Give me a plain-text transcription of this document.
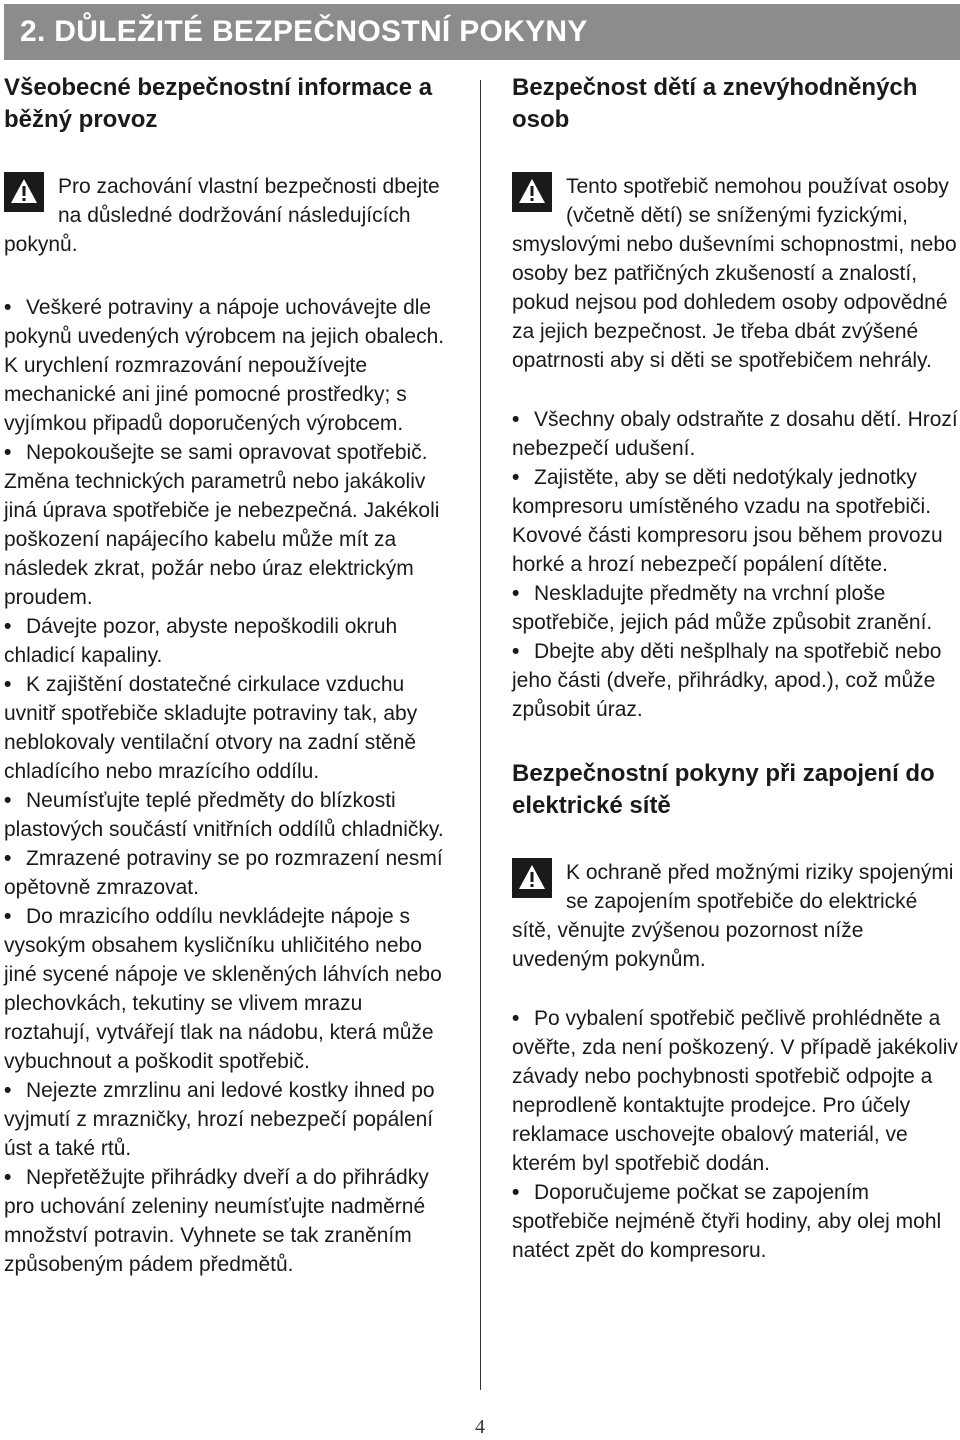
2. DŮLEŽITÉ BEZPEČNOSTNÍ POKYNY

Všeobecné bezpečnostní informace a běžný provoz

Pro zachování vlastní bezpečnosti dbejte na důsledné dodržování následujících pokynů.

• Veškeré potraviny a nápoje uchovávejte dle pokynů uvedených výrobcem na jejich obalech. K urychlení rozmrazování nepoužívejte mechanické ani jiné pomocné prostředky; s vyjímkou připadů doporučených výrobcem.
• Nepokoušejte se sami opravovat spotřebič. Změna technických parametrů nebo jakákoliv jiná úprava spotřebiče je nebezpečná. Jakékoli poškození napájecího kabelu může mít za následek zkrat, požár nebo úraz elektrickým proudem.
• Dávejte pozor, abyste nepoškodili okruh chladicí kapaliny.
• K zajištění dostatečné cirkulace vzduchu uvnitř spotřebiče skladujte potraviny tak, aby neblokovaly ventilační otvory na zadní stěně chladícího nebo mrazícího oddílu.
• Neumísťujte teplé předměty do blízkosti plastových součástí vnitřních oddílů chladničky.
• Zmrazené potraviny se po rozmrazení nesmí opětovně zmrazovat.
• Do mrazicího oddílu nevkládejte nápoje s vysokým obsahem kysličníku uhličitého nebo jiné sycené nápoje ve skleněných láhvích nebo plechovkách, tekutiny se vlivem mrazu roztahují, vytvářejí tlak na nádobu, která může vybuchnout a poškodit spotřebič.
• Nejezte zmrzlinu ani ledové kostky ihned po vyjmutí z mrazničky, hrozí nebezpečí popálení úst a také rtů.
• Nepřetěžujte přihrádky dveří a do přihrádky pro uchování zeleniny neumísťujte nadměrné množství potravin. Vyhnete se tak zraněním způsobeným pádem předmětů.

Bezpečnost dětí a znevýhodněných osob

Tento spotřebič nemohou používat osoby (včetně dětí) se sníženými fyzickými, smyslovými nebo duševními schopnostmi, nebo osoby bez patřičných zkušeností a znalostí, pokud nejsou pod dohledem osoby odpovědné za jejich bezpečnost. Je třeba dbát zvýšené opatrnosti aby si děti se spotřebičem nehrály.

• Všechny obaly odstraňte z dosahu dětí. Hrozí nebezpečí udušení.
• Zajistěte, aby se děti nedotýkaly jednotky kompresoru umístěného vzadu na spotřebiči. Kovové části kompresoru jsou během provozu horké a hrozí nebezpečí popálení dítěte.
• Neskladujte předměty na vrchní ploše spotřebiče, jejich pád může způsobit zranění.
• Dbejte aby děti nešplhaly na spotřebič nebo jeho části (dveře, přihrádky, apod.), což může způsobit úraz.

Bezpečnostní pokyny při zapojení do elektrické sítě

K ochraně před možnými riziky spojenými se zapojením spotřebiče do elektrické sítě, věnujte zvýšenou pozornost níže uvedeným pokynům.

• Po vybalení spotřebič pečlivě prohlédněte a ověřte, zda není poškozený. V případě jakékoliv závady nebo pochybnosti spotřebič odpojte a neprodleně kontaktujte prodejce. Pro účely reklamace uschovejte obalový materiál, ve kterém byl spotřebič dodán.
• Doporučujeme počkat se zapojením spotřebiče nejméně čtyři hodiny, aby olej mohl natéct zpět do kompresoru.
4
